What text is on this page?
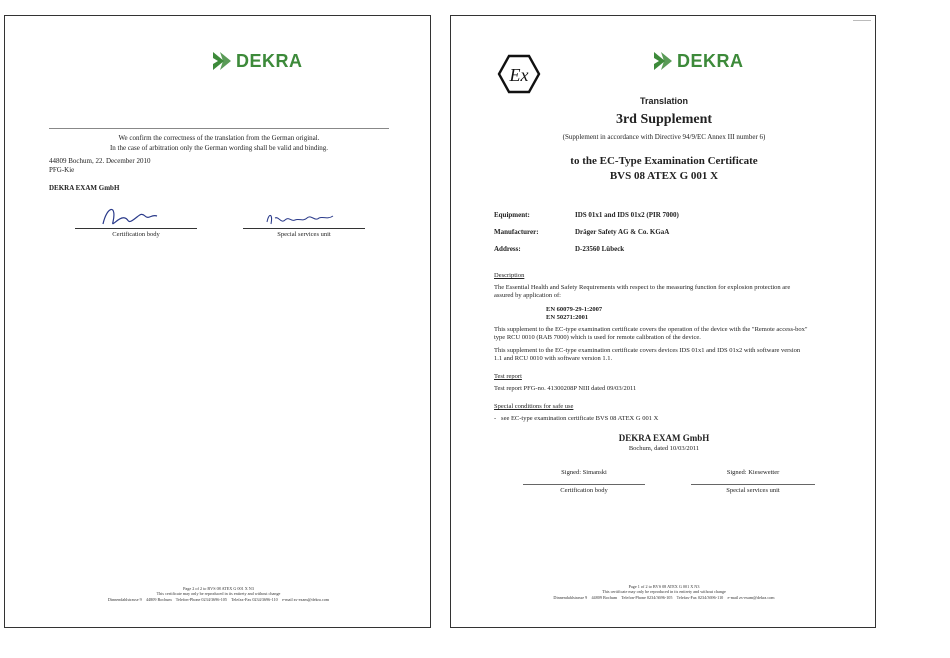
DEKRA
We confirm the correctness of the translation from the German original.
In the case of arbitration only the German wording shall be valid and binding.
44809 Bochum, 22. December 2010
PFG-Kie
DEKRA EXAM GmbH
Certification body	Special services unit
Page 2 of 2 to BVS 08 ATEX G 001 X N3
This certificate may only be reproduced in its entirety and without change
Dinnendahlstrasse 9    44809 Bochum    Telefon-Phone 0234/3696-105    Telefax-Fax 0234/3696-110    e-mail zs-exam@dekra.com
Ex
DEKRA
Translation
3rd Supplement
(Supplement in accordance with Directive 94/9/EC Annex III number 6)
to the EC-Type Examination Certificate
BVS 08 ATEX G 001 X
Equipment:	IDS 01x1 and IDS 01x2 (PIR 7000)
Manufacturer:	Dräger Safety AG & Co. KGaA
Address:	D-23560 Lübeck
Description
The Essential Health and Safety Requirements with respect to the measuring function for explosion protection are
assured by application of:
EN 60079-29-1:2007
EN 50271:2001
This supplement to the EC-type examination certificate covers the operation of the device with the "Remote access-box"
type RCU 0010 (RAB 7000) which is used for remote calibration of the device.
This supplement to the EC-type examination certificate covers devices IDS 01x1 and IDS 01x2 with software version
1.1 and RCU 0010 with software version 1.1.
Test report
Test report PFG-no. 41300208P NIII dated 09/03/2011
Special conditions for safe use
-   see EC-type examination certificate BVS 08 ATEX G 001 X
DEKRA EXAM GmbH
Bochum, dated 10/03/2011
Signed: Simanski	Signed: Kiesewetter
Certification body	Special services unit
Page 1 of 2 to BVS 08 ATEX G 001 X N3
This certificate may only be reproduced in its entirety and without change
Dinnendahlstrasse 9    44809 Bochum    Telefon-Phone 0234/3696-105    Telefax-Fax 0234/3696-110    e-mail zs-exam@dekra.com
